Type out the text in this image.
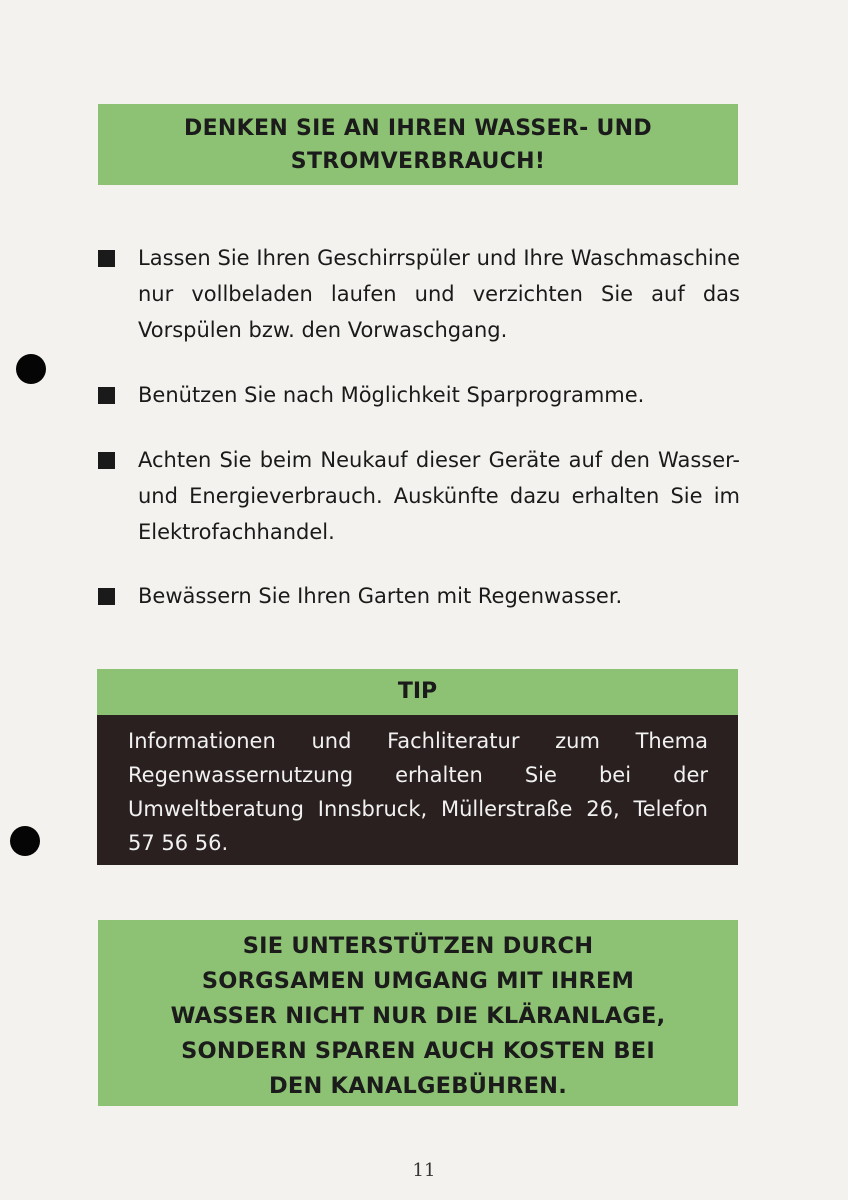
DENKEN SIE AN IHREN WASSER- UND
STROMVERBRAUCH!
Lassen Sie Ihren Geschirrspüler und Ihre Waschmaschine nur vollbeladen laufen und verzichten Sie auf das Vorspülen bzw. den Vorwaschgang.
Benützen Sie nach Möglichkeit Sparprogramme.
Achten Sie beim Neukauf dieser Geräte auf den Wasser- und Energieverbrauch. Auskünfte dazu erhalten Sie im Elektrofachhandel.
Bewässern Sie Ihren Garten mit Regenwasser.
TIP
Informationen und Fachliteratur zum Thema Regenwassernutzung erhalten Sie bei der Umweltberatung Innsbruck, Müllerstraße 26, Telefon 57 56 56.
SIE UNTERSTÜTZEN DURCH
SORGSAMEN UMGANG MIT IHREM
WASSER NICHT NUR DIE KLÄRANLAGE,
SONDERN SPAREN AUCH KOSTEN BEI
DEN KANALGEBÜHREN.
11
